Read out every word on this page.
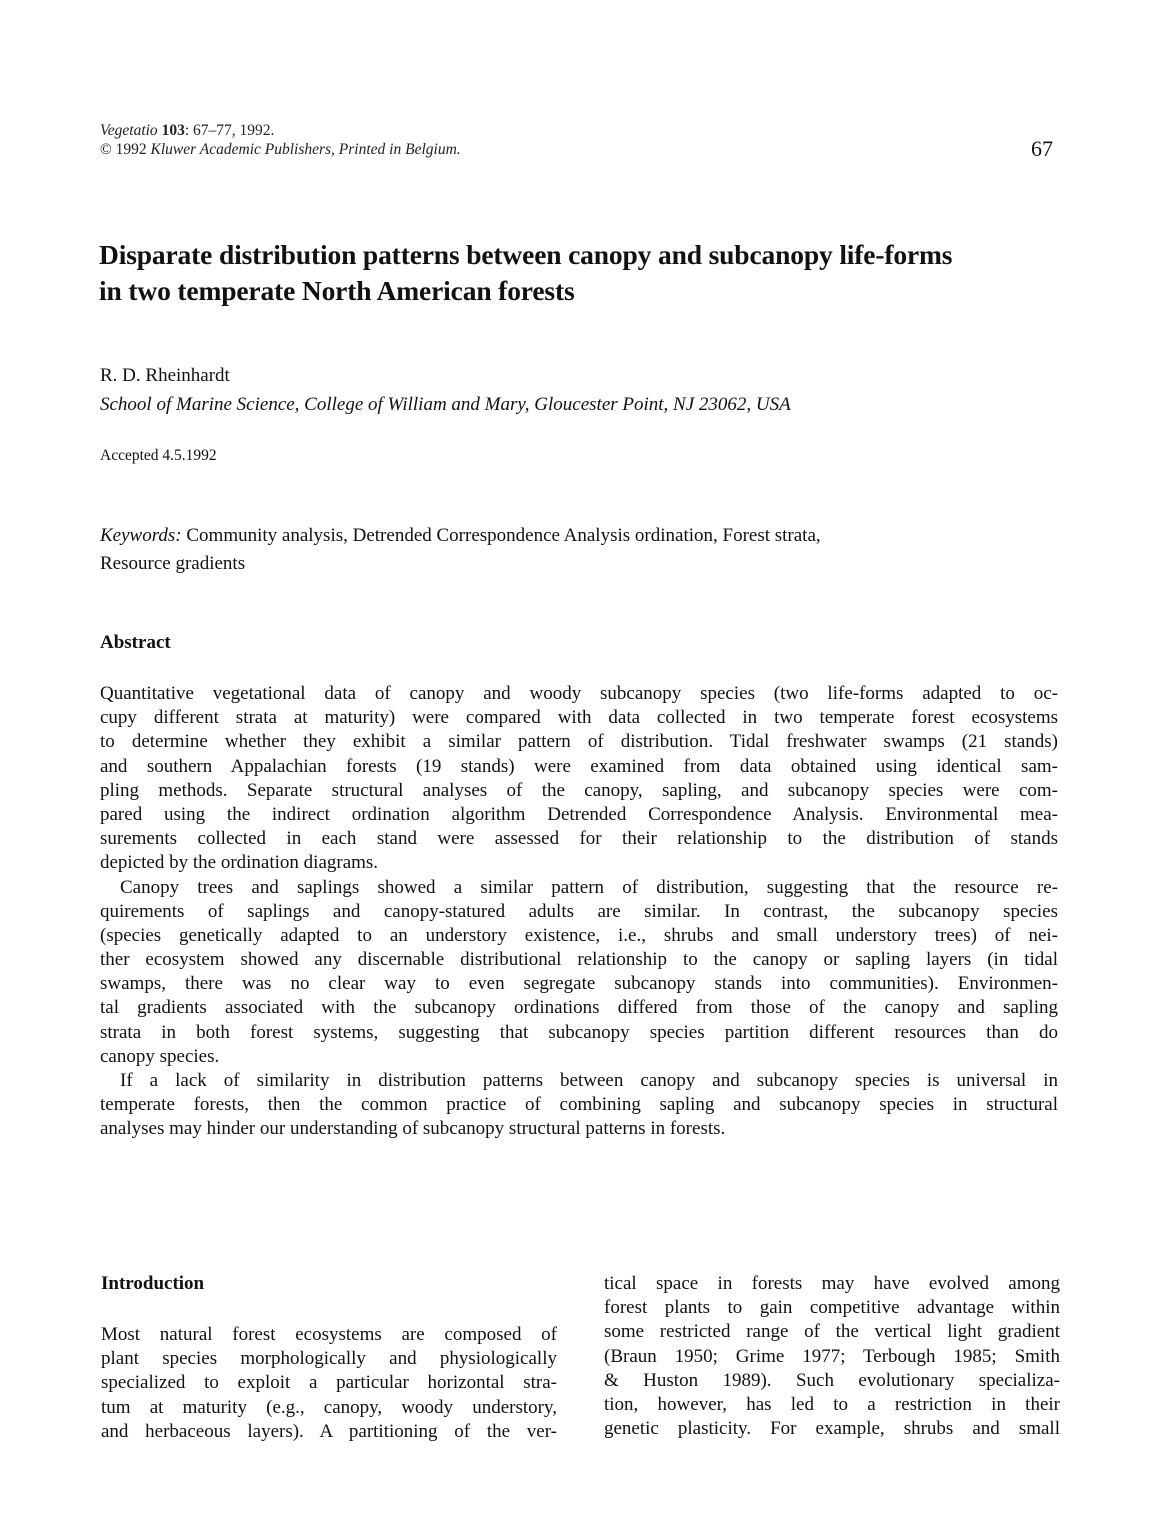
Vegetatio 103: 67–77, 1992.
© 1992 Kluwer Academic Publishers, Printed in Belgium.	67
Disparate distribution patterns between canopy and subcanopy life-forms
in two temperate North American forests
R. D. Rheinhardt
School of Marine Science, College of William and Mary, Gloucester Point, NJ 23062, USA
Accepted 4.5.1992
Keywords: Community analysis, Detrended Correspondence Analysis ordination, Forest strata,
Resource gradients
Abstract
Quantitative vegetational data of canopy and woody subcanopy species (two life-forms adapted to oc-
cupy different strata at maturity) were compared with data collected in two temperate forest ecosystems
to determine whether they exhibit a similar pattern of distribution. Tidal freshwater swamps (21 stands)
and southern Appalachian forests (19 stands) were examined from data obtained using identical sam-
pling methods. Separate structural analyses of the canopy, sapling, and subcanopy species were com-
pared using the indirect ordination algorithm Detrended Correspondence Analysis. Environmental mea-
surements collected in each stand were assessed for their relationship to the distribution of stands
depicted by the ordination diagrams.
Canopy trees and saplings showed a similar pattern of distribution, suggesting that the resource re-
quirements of saplings and canopy-statured adults are similar. In contrast, the subcanopy species
(species genetically adapted to an understory existence, i.e., shrubs and small understory trees) of nei-
ther ecosystem showed any discernable distributional relationship to the canopy or sapling layers (in tidal
swamps, there was no clear way to even segregate subcanopy stands into communities). Environmen-
tal gradients associated with the subcanopy ordinations differed from those of the canopy and sapling
strata in both forest systems, suggesting that subcanopy species partition different resources than do
canopy species.
If a lack of similarity in distribution patterns between canopy and subcanopy species is universal in
temperate forests, then the common practice of combining sapling and subcanopy species in structural
analyses may hinder our understanding of subcanopy structural patterns in forests.
Introduction
Most natural forest ecosystems are composed of
plant species morphologically and physiologically
specialized to exploit a particular horizontal stra-
tum at maturity (e.g., canopy, woody understory,
and herbaceous layers). A partitioning of the ver-
tical space in forests may have evolved among
forest plants to gain competitive advantage within
some restricted range of the vertical light gradient
(Braun 1950; Grime 1977; Terbough 1985; Smith
& Huston 1989). Such evolutionary specializa-
tion, however, has led to a restriction in their
genetic plasticity. For example, shrubs and small
